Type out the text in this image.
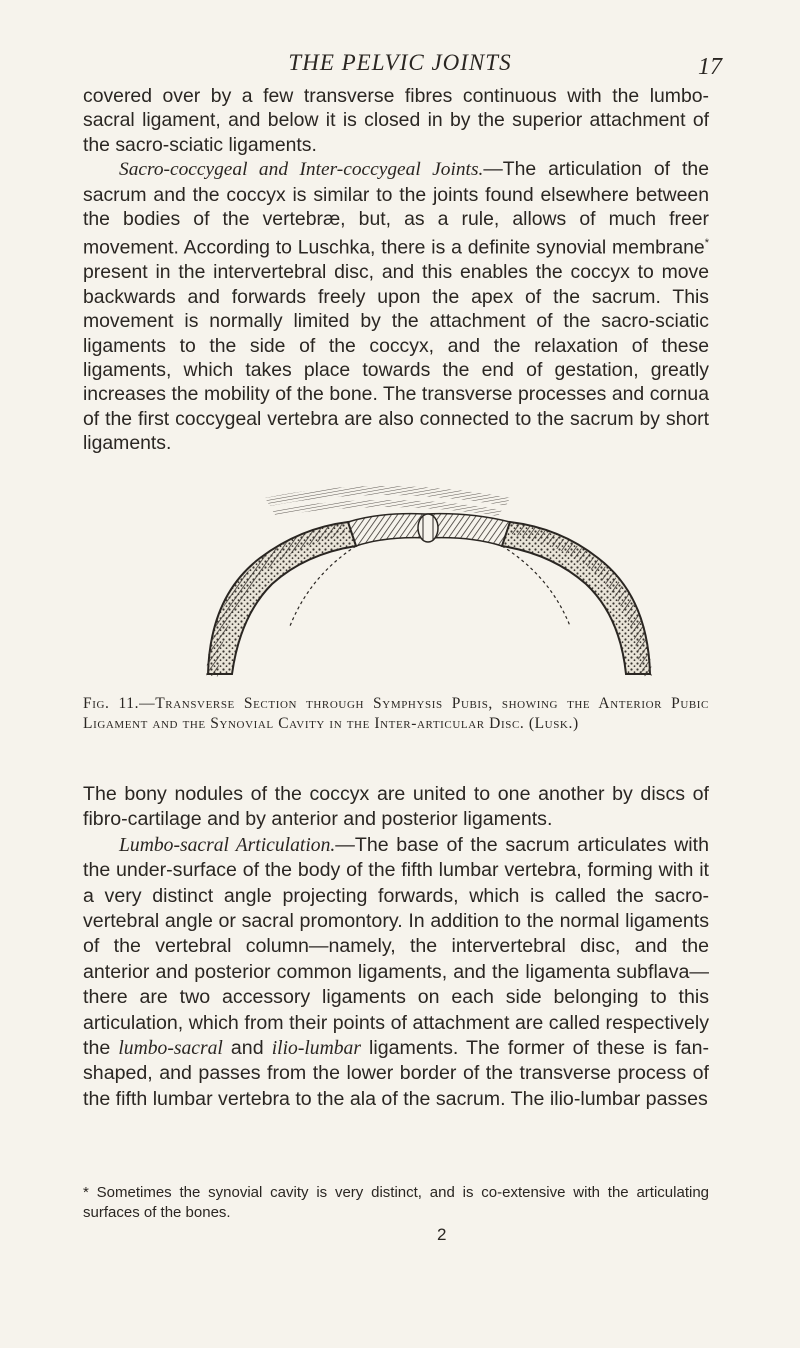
THE PELVIC JOINTS	17

covered over by a few transverse fibres continuous with the lumbo-sacral ligament, and below it is closed in by the superior attachment of the sacro-sciatic ligaments.
Sacro-coccygeal and Inter-coccygeal Joints.—The articulation of the sacrum and the coccyx is similar to the joints found elsewhere between the bodies of the vertebræ, but, as a rule, allows of much freer movement. According to Luschka, there is a definite synovial membrane* present in the intervertebral disc, and this enables the coccyx to move backwards and forwards freely upon the apex of the sacrum. This movement is normally limited by the attachment of the sacro-sciatic ligaments to the side of the coccyx, and the relaxation of these ligaments, which takes place towards the end of gestation, greatly increases the mobility of the bone. The transverse processes and cornua of the first coccygeal vertebra are also connected to the sacrum by short ligaments.

Fig. 11.—Transverse Section through Symphysis Pubis, showing the Anterior Pubic Ligament and the Synovial Cavity in the Inter-articular Disc. (Lusk.)

The bony nodules of the coccyx are united to one another by discs of fibro-cartilage and by anterior and posterior ligaments.
Lumbo-sacral Articulation.—The base of the sacrum articulates with the under-surface of the body of the fifth lumbar vertebra, forming with it a very distinct angle projecting forwards, which is called the sacro-vertebral angle or sacral promontory. In addition to the normal ligaments of the vertebral column—namely, the intervertebral disc, and the anterior and posterior common ligaments, and the ligamenta subflava—there are two accessory ligaments on each side belonging to this articulation, which from their points of attachment are called respectively the lumbo-sacral and ilio-lumbar ligaments. The former of these is fan-shaped, and passes from the lower border of the transverse process of the fifth lumbar vertebra to the ala of the sacrum. The ilio-lumbar passes

* Sometimes the synovial cavity is very distinct, and is co-extensive with the articulating surfaces of the bones.
2
